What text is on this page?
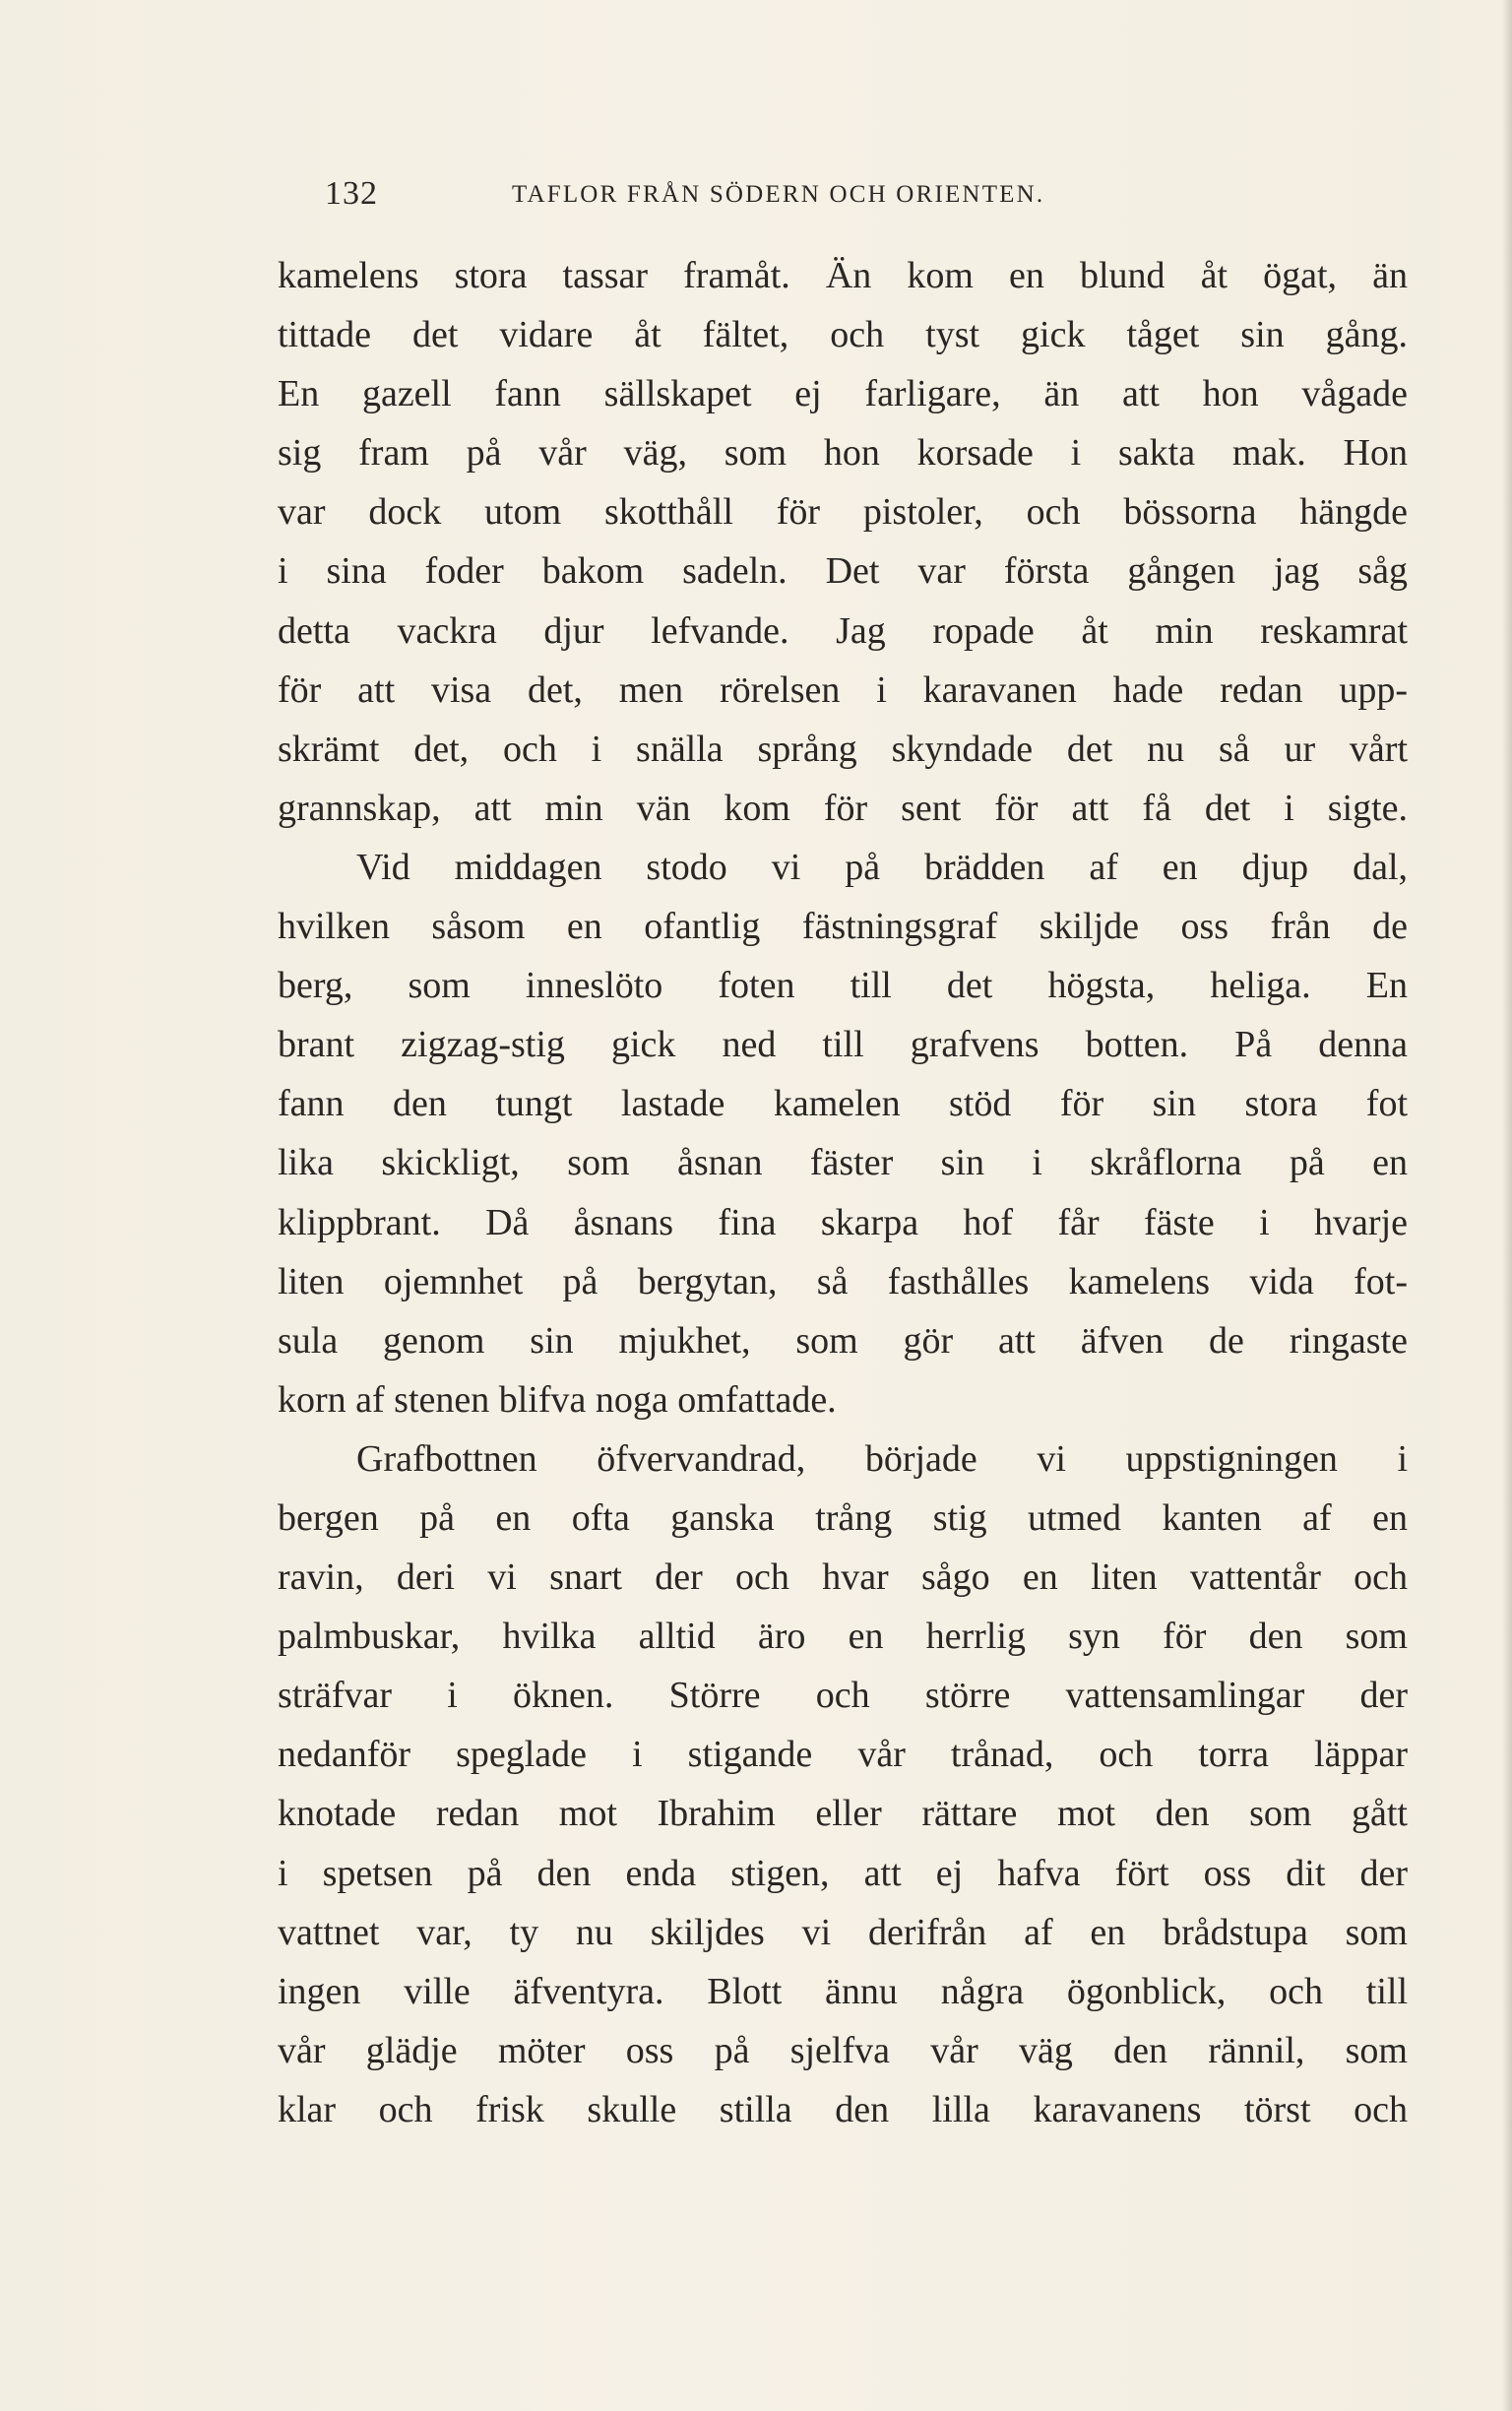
132	TAFLOR FRÅN SÖDERN OCH ORIENTEN.
kamelens stora tassar framåt. Än kom en blund åt ögat, än
tittade det vidare åt fältet, och tyst gick tåget sin gång.
En gazell fann sällskapet ej farligare, än att hon vågade
sig fram på vår väg, som hon korsade i sakta mak. Hon
var dock utom skotthåll för pistoler, och bössorna hängde
i sina foder bakom sadeln. Det var första gången jag såg
detta vackra djur lefvande. Jag ropade åt min reskamrat
för att visa det, men rörelsen i karavanen hade redan upp-
skrämt det, och i snälla språng skyndade det nu så ur vårt
grannskap, att min vän kom för sent för att få det i sigte.
Vid middagen stodo vi på brädden af en djup dal,
hvilken såsom en ofantlig fästningsgraf skiljde oss från de
berg, som inneslöto foten till det högsta, heliga. En
brant zigzag-stig gick ned till grafvens botten. På denna
fann den tungt lastade kamelen stöd för sin stora fot
lika skickligt, som åsnan fäster sin i skråflorna på en
klippbrant. Då åsnans fina skarpa hof får fäste i hvarje
liten ojemnhet på bergytan, så fasthålles kamelens vida fot-
sula genom sin mjukhet, som gör att äfven de ringaste
korn af stenen blifva noga omfattade.
Grafbottnen öfvervandrad, började vi uppstigningen i
bergen på en ofta ganska trång stig utmed kanten af en
ravin, deri vi snart der och hvar sågo en liten vattentår och
palmbuskar, hvilka alltid äro en herrlig syn för den som
sträfvar i öknen. Större och större vattensamlingar der
nedanför speglade i stigande vår trånad, och torra läppar
knotade redan mot Ibrahim eller rättare mot den som gått
i spetsen på den enda stigen, att ej hafva fört oss dit der
vattnet var, ty nu skiljdes vi derifrån af en brådstupa som
ingen ville äfventyra. Blott ännu några ögonblick, och till
vår glädje möter oss på sjelfva vår väg den rännil, som
klar och frisk skulle stilla den lilla karavanens törst och
